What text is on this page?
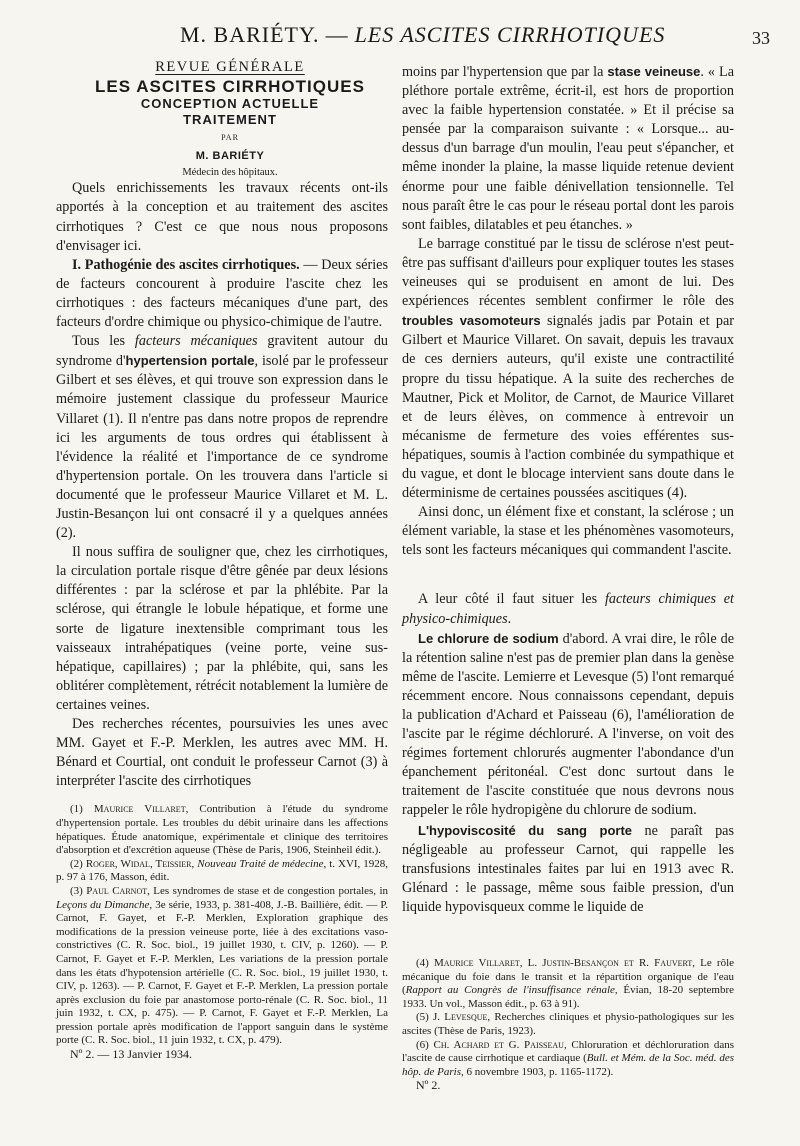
M. BARIÉTY. — LES ASCITES CIRRHOTIQUES	33

REVUE GÉNÉRALE

LES ASCITES CIRRHOTIQUES

CONCEPTION ACTUELLE

TRAITEMENT

PAR

M. BARIÉTY

Médecin des hôpitaux.

Quels enrichissements les travaux récents ont-ils apportés à la conception et au traitement des ascites cirrhotiques ? C'est ce que nous nous proposons d'envisager ici.

I. Pathogénie des ascites cirrhotiques. — Deux séries de facteurs concourent à produire l'ascite chez les cirrhotiques : des facteurs mécaniques d'une part, des facteurs d'ordre chimique ou physico-chimique de l'autre.

Tous les facteurs mécaniques gravitent autour du syndrome d'hypertension portale, isolé par le professeur Gilbert et ses élèves, et qui trouve son expression dans le mémoire justement classique du professeur Maurice Villaret (1). Il n'entre pas dans notre propos de reprendre ici les arguments de tous ordres qui établissent à l'évidence la réalité et l'importance de ce syndrome d'hypertension portale. On les trouvera dans l'article si documenté que le professeur Maurice Villaret et M. L. Justin-Besançon lui ont consacré il y a quelques années (2).

Il nous suffira de souligner que, chez les cirrhotiques, la circulation portale risque d'être gênée par deux lésions différentes : par la sclérose et par la phlébite. Par la sclérose, qui étrangle le lobule hépatique, et forme une sorte de ligature inextensible comprimant tous les vaisseaux intrahépatiques (veine porte, veine sus-hépatique, capillaires) ; par la phlébite, qui, sans les oblitérer complètement, rétrécit notablement la lumière de certaines veines.

Des recherches récentes, poursuivies les unes avec MM. Gayet et F.-P. Merklen, les autres avec MM. H. Bénard et Courtial, ont conduit le professeur Carnot (3) à interpréter l'ascite des cirrhotiques

(1) Maurice Villaret, Contribution à l'étude du syndrome d'hypertension portale. Les troubles du débit urinaire dans les affections hépatiques. Étude anatomique, expérimentale et clinique des territoires d'absorption et d'excrétion aqueuse (Thèse de Paris, 1906, Steinheil édit.).

(2) Roger, Widal, Teissier, Nouveau Traité de médecine, t. XVI, 1928, p. 97 à 176, Masson, édit.

(3) Paul Carnot, Les syndromes de stase et de congestion portales, in Leçons du Dimanche, 3e série, 1933, p. 381-408, J.-B. Baillière, édit. — P. Carnot, F. Gayet, et F.-P. Merklen, Exploration graphique des modifications de la pression veineuse porte, liée à des excitations vaso-constrictives (C. R. Soc. biol., 19 juillet 1930, t. CIV, p. 1260). — P. Carnot, F. Gayet et F.-P. Merklen, Les variations de la pression portale dans les états d'hypotension artérielle (C. R. Soc. biol., 19 juillet 1930, t. CIV, p. 1263). — P. Carnot, F. Gayet et F.-P. Merklen, La pression portale après exclusion du foie par anastomose porto-rénale (C. R. Soc. biol., 11 juin 1932, t. CX, p. 475). — P. Carnot, F. Gayet et F.-P. Merklen, La pression portale après modification de l'apport sanguin dans le système porte (C. R. Soc. biol., 11 juin 1932, t. CX, p. 479).

Nº 2. — 13 Janvier 1934.

moins par l'hypertension que par la stase veineuse. « La pléthore portale extrême, écrit-il, est hors de proportion avec la faible hypertension constatée. » Et il précise sa pensée par la comparaison suivante : « Lorsque... au-dessus d'un barrage d'un moulin, l'eau peut s'épancher, et même inonder la plaine, la masse liquide retenue devient énorme pour une faible dénivellation tensionnelle. Tel nous paraît être le cas pour le réseau portal dont les parois sont faibles, dilatables et peu étanches. »

Le barrage constitué par le tissu de sclérose n'est peut-être pas suffisant d'ailleurs pour expliquer toutes les stases veineuses qui se produisent en amont de lui. Des expériences récentes semblent confirmer le rôle des troubles vasomoteurs signalés jadis par Potain et par Gilbert et Maurice Villaret. On savait, depuis les travaux de ces derniers auteurs, qu'il existe une contractilité propre du tissu hépatique. A la suite des recherches de Mautner, Pick et Molitor, de Carnot, de Maurice Villaret et de leurs élèves, on commence à entrevoir un mécanisme de fermeture des voies efférentes sus-hépatiques, soumis à l'action combinée du sympathique et du vague, et dont le blocage intervient sans doute dans le déterminisme de certaines poussées ascitiques (4).

Ainsi donc, un élément fixe et constant, la sclérose ; un élément variable, la stase et les phénomènes vasomoteurs, tels sont les facteurs mécaniques qui commandent l'ascite.

A leur côté il faut situer les facteurs chimiques et physico-chimiques.

Le chlorure de sodium d'abord. A vrai dire, le rôle de la rétention saline n'est pas de premier plan dans la genèse même de l'ascite. Lemierre et Levesque (5) l'ont remarqué récemment encore. Nous connaissons cependant, depuis la publication d'Achard et Paisseau (6), l'amélioration de l'ascite par le régime déchloruré. A l'inverse, on voit des régimes fortement chlorurés augmenter l'abondance d'un épanchement péritonéal. C'est donc surtout dans le traitement de l'ascite constituée que nous devrons nous rappeler le rôle hydropigène du chlorure de sodium.

L'hypoviscosité du sang porte ne paraît pas négligeable au professeur Carnot, qui rappelle les transfusions intestinales faites par lui en 1913 avec R. Glénard : le passage, même sous faible pression, d'un liquide hypovisqueux comme le liquide de

(4) Maurice Villaret, L. Justin-Besançon et R. Fauvert, Le rôle mécanique du foie dans le transit et la répartition organique de l'eau (Rapport au Congrès de l'insuffisance rénale, Évian, 18-20 septembre 1933. Un vol., Masson édit., p. 63 à 91).

(5) J. Levesque, Recherches cliniques et physio-pathologiques sur les ascites (Thèse de Paris, 1923).

(6) Ch. Achard et G. Paisseau, Chloruration et déchloruration dans l'ascite de cause cirrhotique et cardiaque (Bull. et Mém. de la Soc. méd. des hôp. de Paris, 6 novembre 1903, p. 1165-1172).

Nº 2.
